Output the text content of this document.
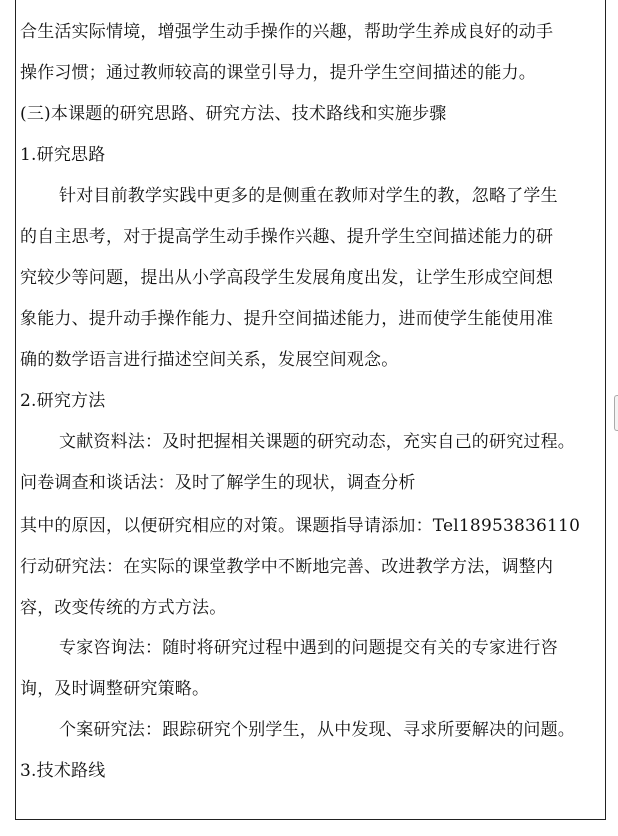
合生活实际情境，增强学生动手操作的兴趣，帮助学生养成良好的动手
操作习惯；通过教师较高的课堂引导力，提升学生空间描述的能力。
(三)本课题的研究思路、研究方法、技术路线和实施步骤
1.研究思路
针对目前教学实践中更多的是侧重在教师对学生的教，忽略了学生
的自主思考，对于提高学生动手操作兴趣、提升学生空间描述能力的研
究较少等问题，提出从小学高段学生发展角度出发，让学生形成空间想
象能力、提升动手操作能力、提升空间描述能力，进而使学生能使用准
确的数学语言进行描述空间关系，发展空间观念。
2.研究方法
文献资料法：及时把握相关课题的研究动态，充实自己的研究过程。
问卷调查和谈话法：及时了解学生的现状，调查分析
其中的原因，以便研究相应的对策。课题指导请添加：Tel18953836110
行动研究法：在实际的课堂教学中不断地完善、改进教学方法，调整内
容，改变传统的方式方法。
专家咨询法：随时将研究过程中遇到的问题提交有关的专家进行咨
询，及时调整研究策略。
个案研究法：跟踪研究个别学生，从中发现、寻求所要解决的问题。
3.技术路线
